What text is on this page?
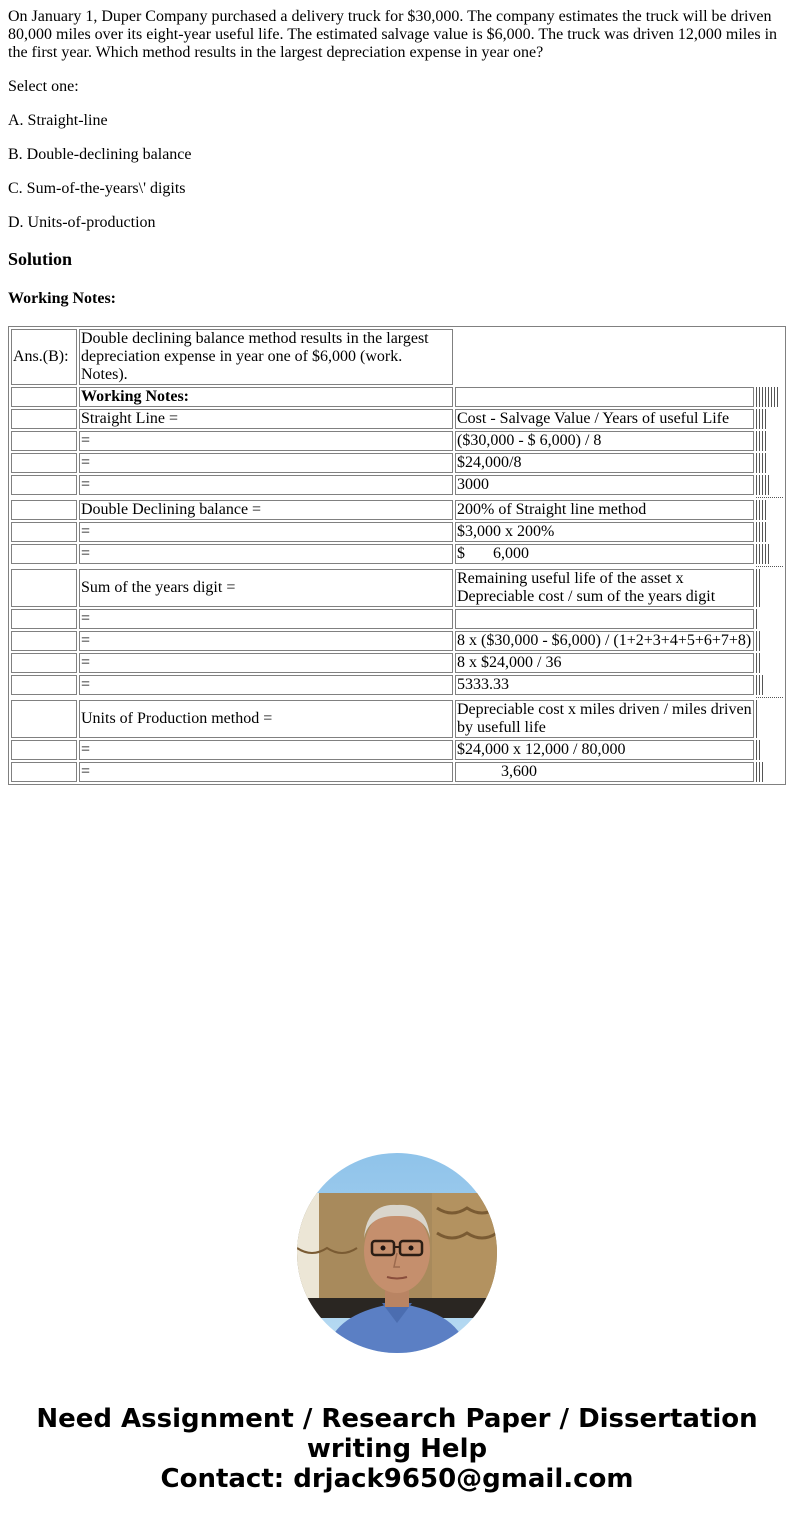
On January 1, Duper Company purchased a delivery truck for $30,000. The company estimates the truck will be driven 80,000 miles over its eight-year useful life. The estimated salvage value is $6,000. The truck was driven 12,000 miles in the first year. Which method results in the largest depreciation expense in year one?

Select one:

A. Straight-line

B. Double-declining balance

C. Sum-of-the-years\' digits

D. Units-of-production

Solution
Working Notes:
Ans.(B):	Double declining balance method results in the largest depreciation expense in year one of $6,000 (work. Notes).		
	Working Notes:		
	Straight Line =	Cost - Salvage Value / Years of useful Life	
	=	($30,000 - $ 6,000) / 8	
	=	$24,000/8	
	=	3000	

	Double Declining balance =	200% of Straight line method	
	=	$3,000 x 200%	
	=	$       6,000	

	Sum of the years digit =	Remaining useful life of the asset x Depreciable cost / sum of the years digit	
	=		
	=	8 x ($30,000 - $6,000) / (1+2+3+4+5+6+7+8)	
	=	8 x $24,000 / 36	
	=	5333.33	

	Units of Production method =	Depreciable cost x miles driven / miles driven by usefull life	
	=	$24,000 x 12,000 / 80,000	
	=	3,600	
Need Assignment / Research Paper / Dissertation
writing Help
Contact: drjack9650@gmail.com
